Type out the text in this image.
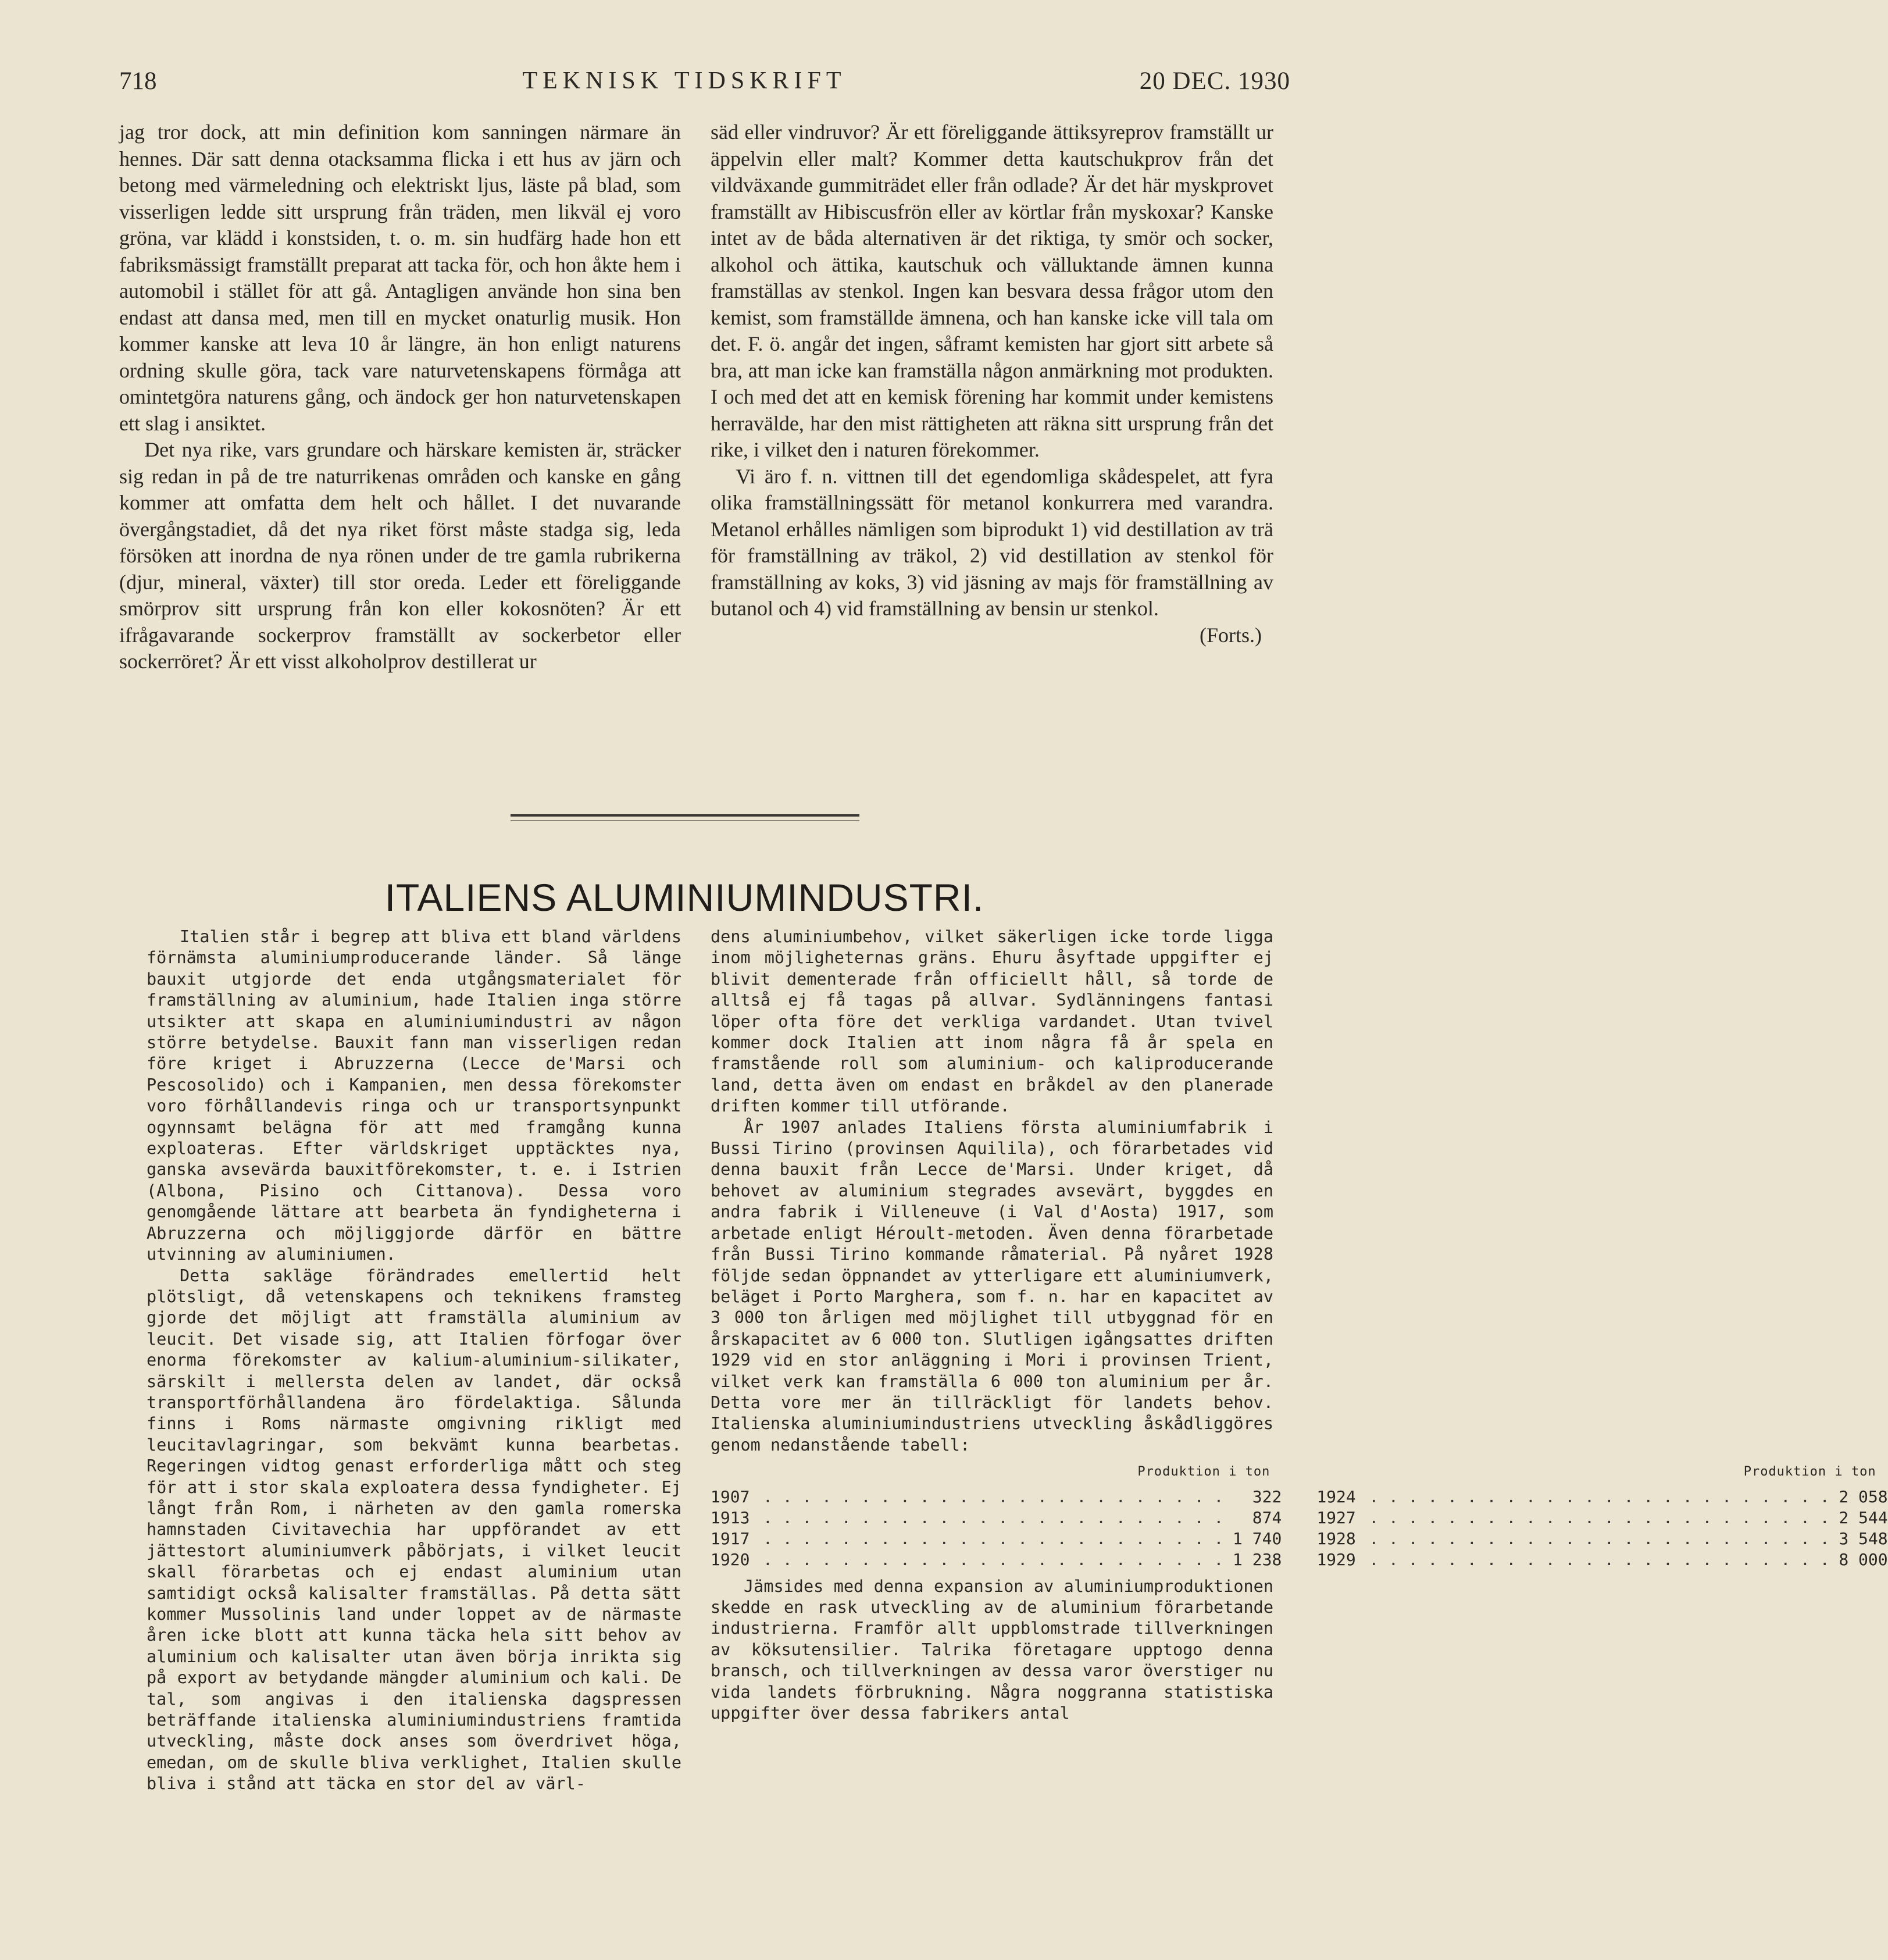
TEKNISK TIDSKRIFT
718	20 DEC. 1930

jag tror dock, att min definition kom sanningen närmare än hennes. Där satt denna otacksamma flicka i ett hus av järn och betong med värmeledning och elektriskt ljus, läste på blad, som visserligen ledde sitt ursprung från träden, men likväl ej voro gröna, var klädd i konstsiden, t. o. m. sin hudfärg hade hon ett fabriksmässigt framställt preparat att tacka för, och hon åkte hem i automobil i stället för att gå. Antagligen använde hon sina ben endast att dansa med, men till en mycket onaturlig musik. Hon kommer kanske att leva 10 år längre, än hon enligt naturens ordning skulle göra, tack vare naturvetenskapens förmåga att omintetgöra naturens gång, och ändock ger hon naturvetenskapen ett slag i ansiktet.

Det nya rike, vars grundare och härskare kemisten är, sträcker sig redan in på de tre naturrikenas områden och kanske en gång kommer att omfatta dem helt och hållet. I det nuvarande övergångstadiet, då det nya riket först måste stadga sig, leda försöken att inordna de nya rönen under de tre gamla rubrikerna (djur, mineral, växter) till stor oreda. Leder ett föreliggande smörprov sitt ursprung från kon eller kokosnöten? Är ett ifrågavarande sockerprov framställt av sockerbetor eller sockerröret? Är ett visst alkoholprov destillerat ur

säd eller vindruvor? Är ett föreliggande ättiksyreprov framställt ur äppelvin eller malt? Kommer detta kautschukprov från det vildväxande gummiträdet eller från odlade? Är det här myskprovet framställt av Hibiscusfrön eller av körtlar från myskoxar? Kanske intet av de båda alternativen är det riktiga, ty smör och socker, alkohol och ättika, kautschuk och välluktande ämnen kunna framställas av stenkol. Ingen kan besvara dessa frågor utom den kemist, som framställde ämnena, och han kanske icke vill tala om det. F. ö. angår det ingen, såframt kemisten har gjort sitt arbete så bra, att man icke kan framställa någon anmärkning mot produkten. I och med det att en kemisk förening har kommit under kemistens herravälde, har den mist rättigheten att räkna sitt ursprung från det rike, i vilket den i naturen förekommer.

Vi äro f. n. vittnen till det egendomliga skådespelet, att fyra olika framställningssätt för metanol konkurrera med varandra. Metanol erhålles nämligen som biprodukt 1) vid destillation av trä för framställning av träkol, 2) vid destillation av stenkol för framställning av koks, 3) vid jäsning av majs för framställning av butanol och 4) vid framställning av bensin ur stenkol.

(Forts.)

ITALIENS ALUMINIUMINDUSTRI.

Italien står i begrep att bliva ett bland världens förnämsta aluminiumproducerande länder. Så länge bauxit utgjorde det enda utgångsmaterialet för framställning av aluminium, hade Italien inga större utsikter att skapa en aluminiumindustri av någon större betydelse. Bauxit fann man visserligen redan före kriget i Abruzzerna (Lecce de'Marsi och Pescosolido) och i Kampanien, men dessa förekomster voro förhållandevis ringa och ur transportsynpunkt ogynnsamt belägna för att med framgång kunna exploateras. Efter världskriget upptäcktes nya, ganska avsevärda bauxitförekomster, t. e. i Istrien (Albona, Pisino och Cittanova). Dessa voro genomgående lättare att bearbeta än fyndigheterna i Abruzzerna och möjliggjorde därför en bättre utvinning av aluminiumen.

Detta sakläge förändrades emellertid helt plötsligt, då vetenskapens och teknikens framsteg gjorde det möjligt att framställa aluminium av leucit. Det visade sig, att Italien förfogar över enorma förekomster av kalium-aluminium-silikater, särskilt i mellersta delen av landet, där också transportförhållandena äro fördelaktiga. Sålunda finns i Roms närmaste omgivning rikligt med leucitavlagringar, som bekvämt kunna bearbetas. Regeringen vidtog genast erforderliga mått och steg för att i stor skala exploatera dessa fyndigheter. Ej långt från Rom, i närheten av den gamla romerska hamnstaden Civitavechia har uppförandet av ett jättestort aluminiumverk påbörjats, i vilket leucit skall förarbetas och ej endast aluminium utan samtidigt också kalisalter framställas. På detta sätt kommer Mussolinis land under loppet av de närmaste åren icke blott att kunna täcka hela sitt behov av aluminium och kalisalter utan även börja inrikta sig på export av betydande mängder aluminium och kali. De tal, som angivas i den italienska dagspressen beträffande italienska aluminiumindustriens framtida utveckling, måste dock anses som överdrivet höga, emedan, om de skulle bliva verklighet, Italien skulle bliva i stånd att täcka en stor del av värl-

dens aluminiumbehov, vilket säkerligen icke torde ligga inom möjligheternas gräns. Ehuru åsyftade uppgifter ej blivit dementerade från officiellt håll, så torde de alltså ej få tagas på allvar. Sydlänningens fantasi löper ofta före det verkliga vardandet. Utan tvivel kommer dock Italien att inom några få år spela en framstående roll som aluminium- och kaliproducerande land, detta även om endast en bråkdel av den planerade driften kommer till utförande.

År 1907 anlades Italiens första aluminiumfabrik i Bussi Tirino (provinsen Aquilila), och förarbetades vid denna bauxit från Lecce de'Marsi. Under kriget, då behovet av aluminium stegrades avsevärt, byggdes en andra fabrik i Villeneuve (i Val d'Aosta) 1917, som arbetade enligt Héroult-metoden. Även denna förarbetade från Bussi Tirino kommande råmaterial. På nyåret 1928 följde sedan öppnandet av ytterligare ett aluminiumverk, beläget i Porto Marghera, som f. n. har en kapacitet av 3 000 ton årligen med möjlighet till utbyggnad för en årskapacitet av 6 000 ton. Slutligen igångsattes driften 1929 vid en stor anläggning i Mori i provinsen Trient, vilket verk kan framställa 6 000 ton aluminium per år. Detta vore mer än tillräckligt för landets behov. Italienska aluminiumindustriens utveckling åskådliggöres genom nedanstående tabell:

Produktion i ton
1907 . . . . . . . . . . . . . . . . . . . . . . . .	322
1913 . . . . . . . . . . . . . . . . . . . . . . . .	874
1917 . . . . . . . . . . . . . . . . . . . . . . . . 1 740
1920 . . . . . . . . . . . . . . . . . . . . . . . . 1 238
Produktion i ton
1924 . . . . . . . . . . . . . . . . . . . . . . . . 2 058
1927 . . . . . . . . . . . . . . . . . . . . . . . . 2 544
1928 . . . . . . . . . . . . . . . . . . . . . . . . 3 548
1929 . . . . . . . . . . . . . . . . . . . . . . . . 8 000

Jämsides med denna expansion av aluminiumproduktionen skedde en rask utveckling av de aluminium förarbetande industrierna. Framför allt uppblomstrade tillverkningen av köksutensilier. Talrika företagare upptogo denna bransch, och tillverkningen av dessa varor överstiger nu vida landets förbrukning. Några noggranna statistiska uppgifter över dessa fabrikers antal
